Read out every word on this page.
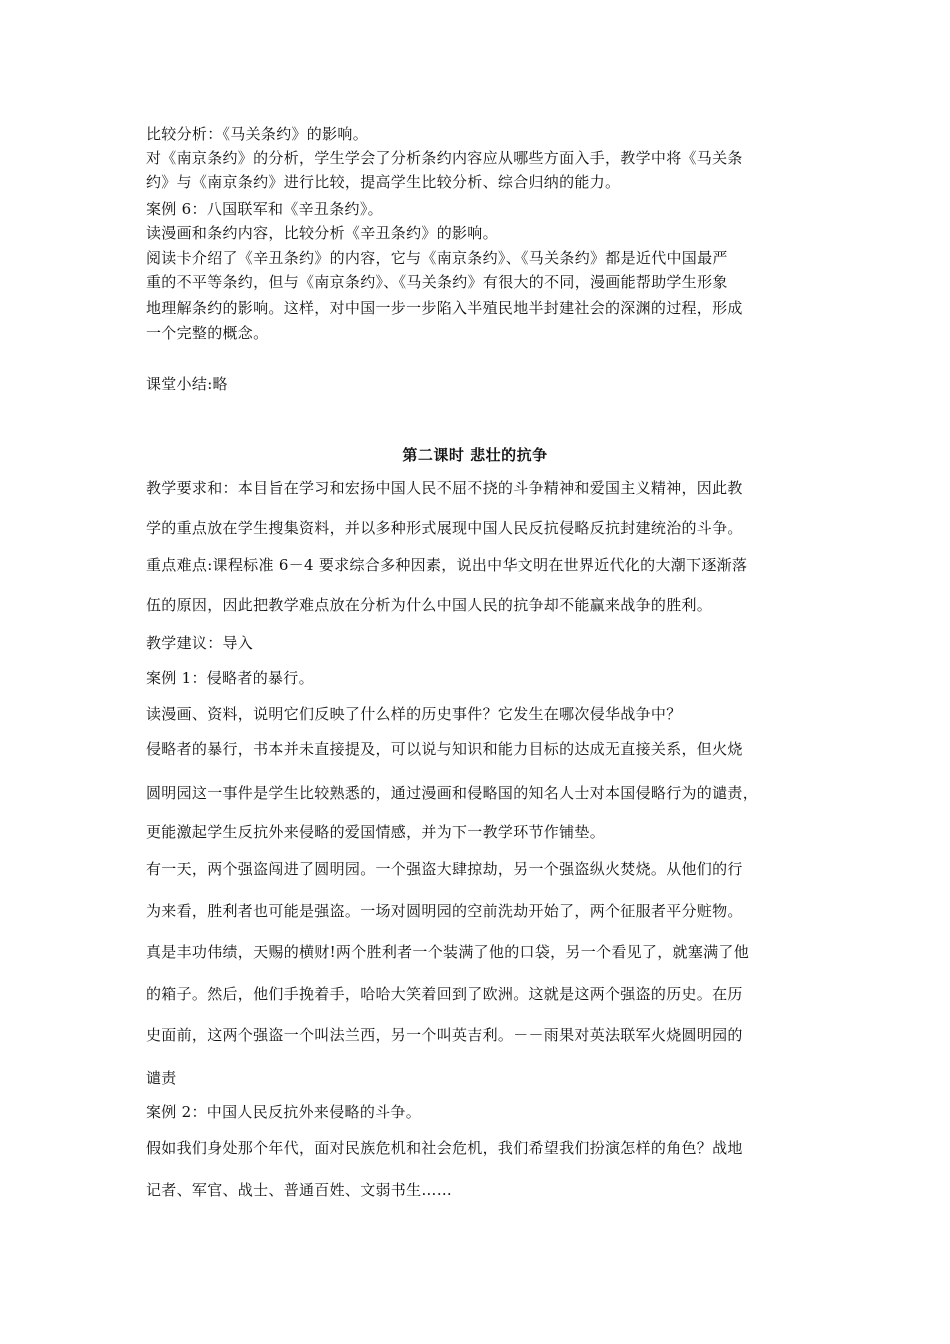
比较分析：《马关条约》的影响。
对《南京条约》的分析，学生学会了分析条约内容应从哪些方面入手，教学中将《马关条
约》与《南京条约》进行比较，提高学生比较分析、综合归纳的能力。
案例 6：八国联军和《辛丑条约》。
读漫画和条约内容，比较分析《辛丑条约》的影响。
阅读卡介绍了《辛丑条约》的内容，它与《南京条约》、《马关条约》都是近代中国最严
重的不平等条约，但与《南京条约》、《马关条约》有很大的不同，漫画能帮助学生形象
地理解条约的影响。这样，对中国一步一步陷入半殖民地半封建社会的深渊的过程，形成
一个完整的概念。
课堂小结:略
第二课时 悲壮的抗争
教学要求和：本目旨在学习和宏扬中国人民不屈不挠的斗争精神和爱国主义精神，因此教
学的重点放在学生搜集资料，并以多种形式展现中国人民反抗侵略反抗封建统治的斗争。
重点难点:课程标准 6－4 要求综合多种因素，说出中华文明在世界近代化的大潮下逐渐落
伍的原因，因此把教学难点放在分析为什么中国人民的抗争却不能赢来战争的胜利。
教学建议：导入
案例 1：侵略者的暴行。
读漫画、资料，说明它们反映了什么样的历史事件？它发生在哪次侵华战争中？
侵略者的暴行，书本并未直接提及，可以说与知识和能力目标的达成无直接关系，但火烧
圆明园这一事件是学生比较熟悉的，通过漫画和侵略国的知名人士对本国侵略行为的谴责，
更能激起学生反抗外来侵略的爱国情感，并为下一教学环节作铺垫。
有一天，两个强盗闯进了圆明园。一个强盗大肆掠劫，另一个强盗纵火焚烧。从他们的行
为来看，胜利者也可能是强盗。一场对圆明园的空前洗劫开始了，两个征服者平分赃物。
真是丰功伟绩，天赐的横财!两个胜利者一个装满了他的口袋，另一个看见了，就塞满了他
的箱子。然后，他们手挽着手，哈哈大笑着回到了欧洲。这就是这两个强盗的历史。在历
史面前，这两个强盗一个叫法兰西，另一个叫英吉利。－－雨果对英法联军火烧圆明园的
谴责
案例 2：中国人民反抗外来侵略的斗争。
假如我们身处那个年代，面对民族危机和社会危机，我们希望我们扮演怎样的角色？战地
记者、军官、战士、普通百姓、文弱书生……
